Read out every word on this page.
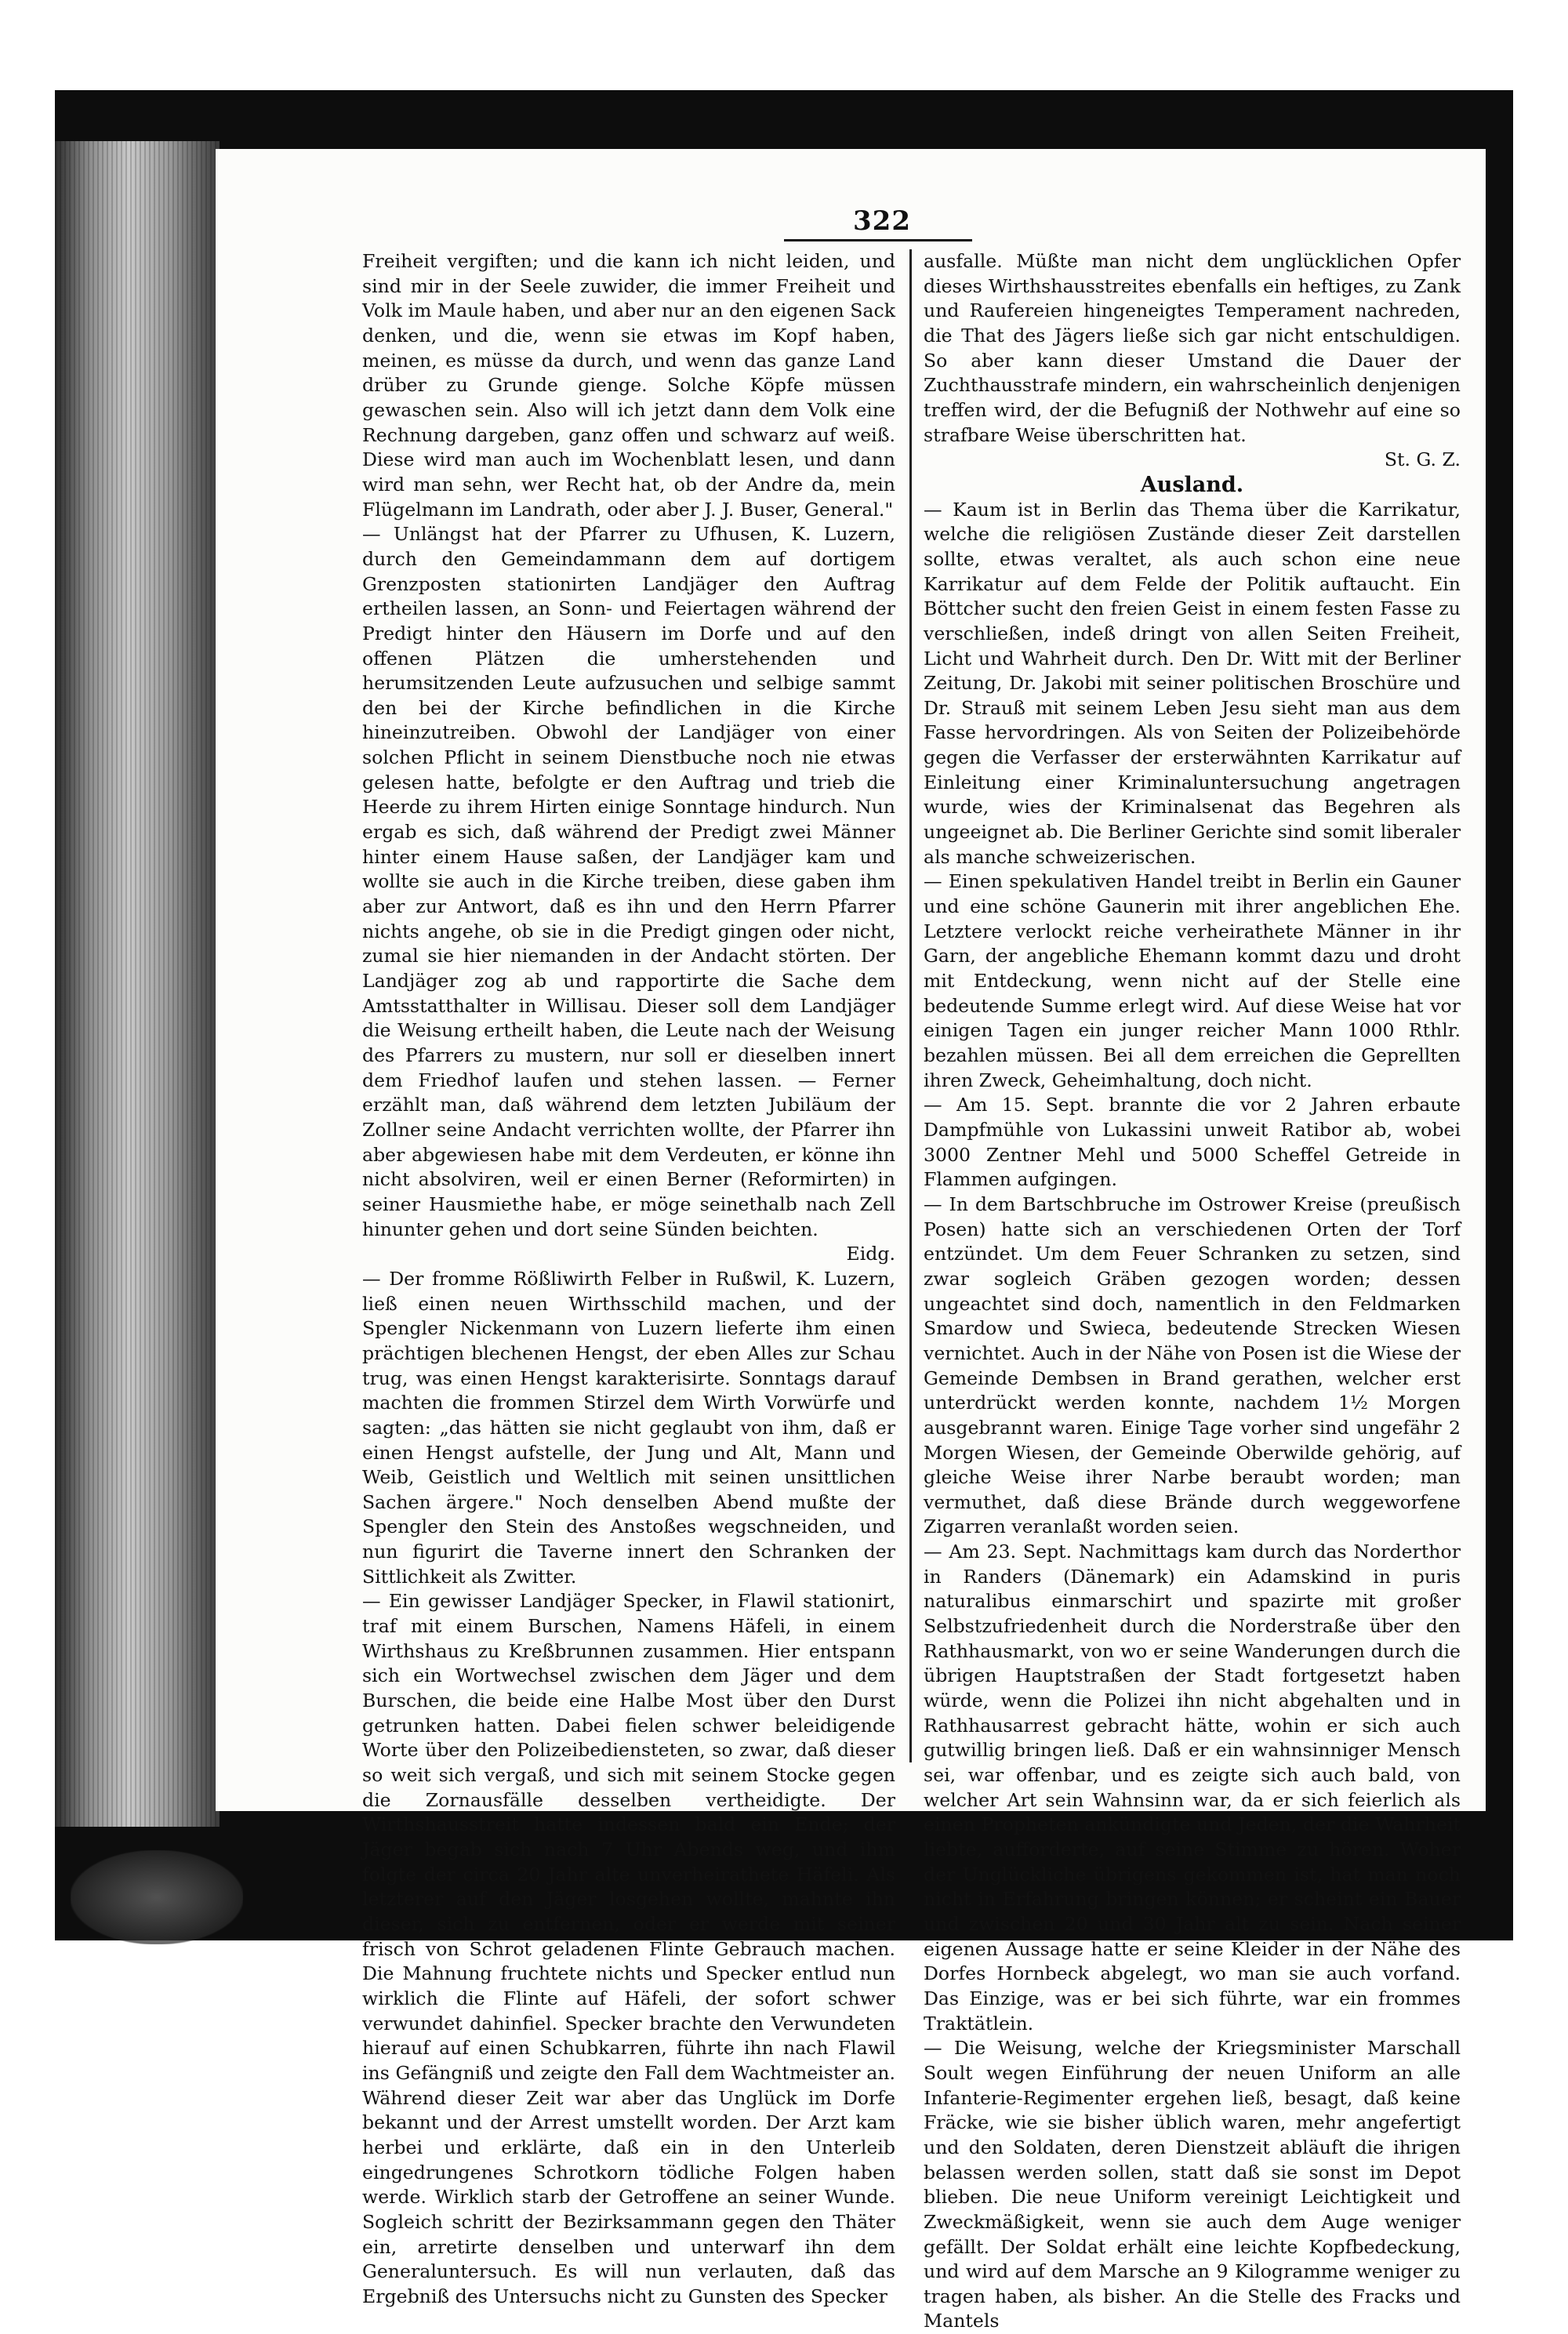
322

Freiheit vergiften; und die kann ich nicht leiden, und sind mir in der Seele zuwider, die immer Freiheit und Volk im Maule haben, und aber nur an den eigenen Sack denken, und die, wenn sie etwas im Kopf haben, meinen, es müsse da durch, und wenn das ganze Land drüber zu Grunde gienge. Solche Köpfe müssen gewaschen sein. Also will ich jetzt dann dem Volk eine Rechnung dargeben, ganz offen und schwarz auf weiß. Diese wird man auch im Wochenblatt lesen, und dann wird man sehn, wer Recht hat, ob der Andre da, mein Flügelmann im Landrath, oder aber J. J. Buser, General."

— Unlängst hat der Pfarrer zu Ufhusen, K. Luzern, durch den Gemeindammann dem auf dortigem Grenzposten stationirten Landjäger den Auftrag ertheilen lassen, an Sonn- und Feiertagen während der Predigt hinter den Häusern im Dorfe und auf den offenen Plätzen die umherstehenden und herumsitzenden Leute aufzusuchen und selbige sammt den bei der Kirche befindlichen in die Kirche hineinzutreiben. Obwohl der Landjäger von einer solchen Pflicht in seinem Dienstbuche noch nie etwas gelesen hatte, befolgte er den Auftrag und trieb die Heerde zu ihrem Hirten einige Sonntage hindurch. Nun ergab es sich, daß während der Predigt zwei Männer hinter einem Hause saßen, der Landjäger kam und wollte sie auch in die Kirche treiben, diese gaben ihm aber zur Antwort, daß es ihn und den Herrn Pfarrer nichts angehe, ob sie in die Predigt gingen oder nicht, zumal sie hier niemanden in der Andacht störten. Der Landjäger zog ab und rapportirte die Sache dem Amtsstatthalter in Willisau. Dieser soll dem Landjäger die Weisung ertheilt haben, die Leute nach der Weisung des Pfarrers zu mustern, nur soll er dieselben innert dem Friedhof laufen und stehen lassen. — Ferner erzählt man, daß während dem letzten Jubiläum der Zollner seine Andacht verrichten wollte, der Pfarrer ihn aber abgewiesen habe mit dem Verdeuten, er könne ihn nicht absolviren, weil er einen Berner (Reformirten) in seiner Hausmiethe habe, er möge seinethalb nach Zell hinunter gehen und dort seine Sünden beichten.

Eidg.

— Der fromme Rößliwirth Felber in Rußwil, K. Luzern, ließ einen neuen Wirthsschild machen, und der Spengler Nickenmann von Luzern lieferte ihm einen prächtigen blechenen Hengst, der eben Alles zur Schau trug, was einen Hengst karakterisirte. Sonntags darauf machten die frommen Stirzel dem Wirth Vorwürfe und sagten: „das hätten sie nicht geglaubt von ihm, daß er einen Hengst aufstelle, der Jung und Alt, Mann und Weib, Geistlich und Weltlich mit seinen unsittlichen Sachen ärgere." Noch denselben Abend mußte der Spengler den Stein des Anstoßes wegschneiden, und nun figurirt die Taverne innert den Schranken der Sittlichkeit als Zwitter.

— Ein gewisser Landjäger Specker, in Flawil stationirt, traf mit einem Burschen, Namens Häfeli, in einem Wirthshaus zu Kreßbrunnen zusammen. Hier entspann sich ein Wortwechsel zwischen dem Jäger und dem Burschen, die beide eine Halbe Most über den Durst getrunken hatten. Dabei fielen schwer beleidigende Worte über den Polizeibediensteten, so zwar, daß dieser so weit sich vergaß, und sich mit seinem Stocke gegen die Zornausfälle desselben vertheidigte. Der Wirthshausstreit hatte indessen bald ein Ende; der Jäger begab sich nach 7 Uhr Abends weg, und ihm folgte der circa 20 Jahr alte unverheirathete Häfeli. Als letzterer auf den Jäger losgehen wollte, mahnte ihn dieser, sich zu entfernen, oder er werde mit seiner frisch von Schrot geladenen Flinte Gebrauch machen. Die Mahnung fruchtete nichts und Specker entlud nun wirklich die Flinte auf Häfeli, der sofort schwer verwundet dahinfiel. Specker brachte den Verwundeten hierauf auf einen Schubkarren, führte ihn nach Flawil ins Gefängniß und zeigte den Fall dem Wachtmeister an. Während dieser Zeit war aber das Unglück im Dorfe bekannt und der Arrest umstellt worden. Der Arzt kam herbei und erklärte, daß ein in den Unterleib eingedrungenes Schrotkorn tödliche Folgen haben werde. Wirklich starb der Getroffene an seiner Wunde. Sogleich schritt der Bezirksammann gegen den Thäter ein, arretirte denselben und unterwarf ihn dem Generaluntersuch. Es will nun verlauten, daß das Ergebniß des Untersuchs nicht zu Gunsten des Specker

ausfalle. Müßte man nicht dem unglücklichen Opfer dieses Wirthshausstreites ebenfalls ein heftiges, zu Zank und Raufereien hingeneigtes Temperament nachreden, die That des Jägers ließe sich gar nicht entschuldigen. So aber kann dieser Umstand die Dauer der Zuchthausstrafe mindern, ein wahrscheinlich denjenigen treffen wird, der die Befugniß der Nothwehr auf eine so strafbare Weise überschritten hat.

St. G. Z.

Ausland.

— Kaum ist in Berlin das Thema über die Karrikatur, welche die religiösen Zustände dieser Zeit darstellen sollte, etwas veraltet, als auch schon eine neue Karrikatur auf dem Felde der Politik auftaucht. Ein Böttcher sucht den freien Geist in einem festen Fasse zu verschließen, indeß dringt von allen Seiten Freiheit, Licht und Wahrheit durch. Den Dr. Witt mit der Berliner Zeitung, Dr. Jakobi mit seiner politischen Broschüre und Dr. Strauß mit seinem Leben Jesu sieht man aus dem Fasse hervordringen. Als von Seiten der Polizeibehörde gegen die Verfasser der ersterwähnten Karrikatur auf Einleitung einer Kriminaluntersuchung angetragen wurde, wies der Kriminalsenat das Begehren als ungeeignet ab. Die Berliner Gerichte sind somit liberaler als manche schweizerischen.

— Einen spekulativen Handel treibt in Berlin ein Gauner und eine schöne Gaunerin mit ihrer angeblichen Ehe. Letztere verlockt reiche verheirathete Männer in ihr Garn, der angebliche Ehemann kommt dazu und droht mit Entdeckung, wenn nicht auf der Stelle eine bedeutende Summe erlegt wird. Auf diese Weise hat vor einigen Tagen ein junger reicher Mann 1000 Rthlr. bezahlen müssen. Bei all dem erreichen die Geprellten ihren Zweck, Geheimhaltung, doch nicht.

— Am 15. Sept. brannte die vor 2 Jahren erbaute Dampfmühle von Lukassini unweit Ratibor ab, wobei 3000 Zentner Mehl und 5000 Scheffel Getreide in Flammen aufgingen.

— In dem Bartschbruche im Ostrower Kreise (preußisch Posen) hatte sich an verschiedenen Orten der Torf entzündet. Um dem Feuer Schranken zu setzen, sind zwar sogleich Gräben gezogen worden; dessen ungeachtet sind doch, namentlich in den Feldmarken Smardow und Swieca, bedeutende Strecken Wiesen vernichtet. Auch in der Nähe von Posen ist die Wiese der Gemeinde Dembsen in Brand gerathen, welcher erst unterdrückt werden konnte, nachdem 1½ Morgen ausgebrannt waren. Einige Tage vorher sind ungefähr 2 Morgen Wiesen, der Gemeinde Oberwilde gehörig, auf gleiche Weise ihrer Narbe beraubt worden; man vermuthet, daß diese Brände durch weggeworfene Zigarren veranlaßt worden seien.

— Am 23. Sept. Nachmittags kam durch das Norderthor in Randers (Dänemark) ein Adamskind in puris naturalibus einmarschirt und spazirte mit großer Selbstzufriedenheit durch die Norderstraße über den Rathhausmarkt, von wo er seine Wanderungen durch die übrigen Hauptstraßen der Stadt fortgesetzt haben würde, wenn die Polizei ihn nicht abgehalten und in Rathhausarrest gebracht hätte, wohin er sich auch gutwillig bringen ließ. Daß er ein wahnsinniger Mensch sei, war offenbar, und es zeigte sich auch bald, von welcher Art sein Wahnsinn war, da er sich feierlich als einen Propheten ankündigte und Jeden, der die Wahrheit liebte, aufforderte, auf seine Stimme zu hören. Woher der Unglückliche übrigens gekommen ist, hat man noch nicht in Erfahrung bringen können; er scheint ein Bauer und zwischen 20 und 30 Jahr alt zu sein. Nach seiner eigenen Aussage hatte er seine Kleider in der Nähe des Dorfes Hornbeck abgelegt, wo man sie auch vorfand. Das Einzige, was er bei sich führte, war ein frommes Traktätlein.

— Die Weisung, welche der Kriegsminister Marschall Soult wegen Einführung der neuen Uniform an alle Infanterie-Regimenter ergehen ließ, besagt, daß keine Fräcke, wie sie bisher üblich waren, mehr angefertigt und den Soldaten, deren Dienstzeit abläuft die ihrigen belassen werden sollen, statt daß sie sonst im Depot blieben. Die neue Uniform vereinigt Leichtigkeit und Zweckmäßigkeit, wenn sie auch dem Auge weniger gefällt. Der Soldat erhält eine leichte Kopfbedeckung, und wird auf dem Marsche an 9 Kilogramme weniger zu tragen haben, als bisher. An die Stelle des Fracks und Mantels
